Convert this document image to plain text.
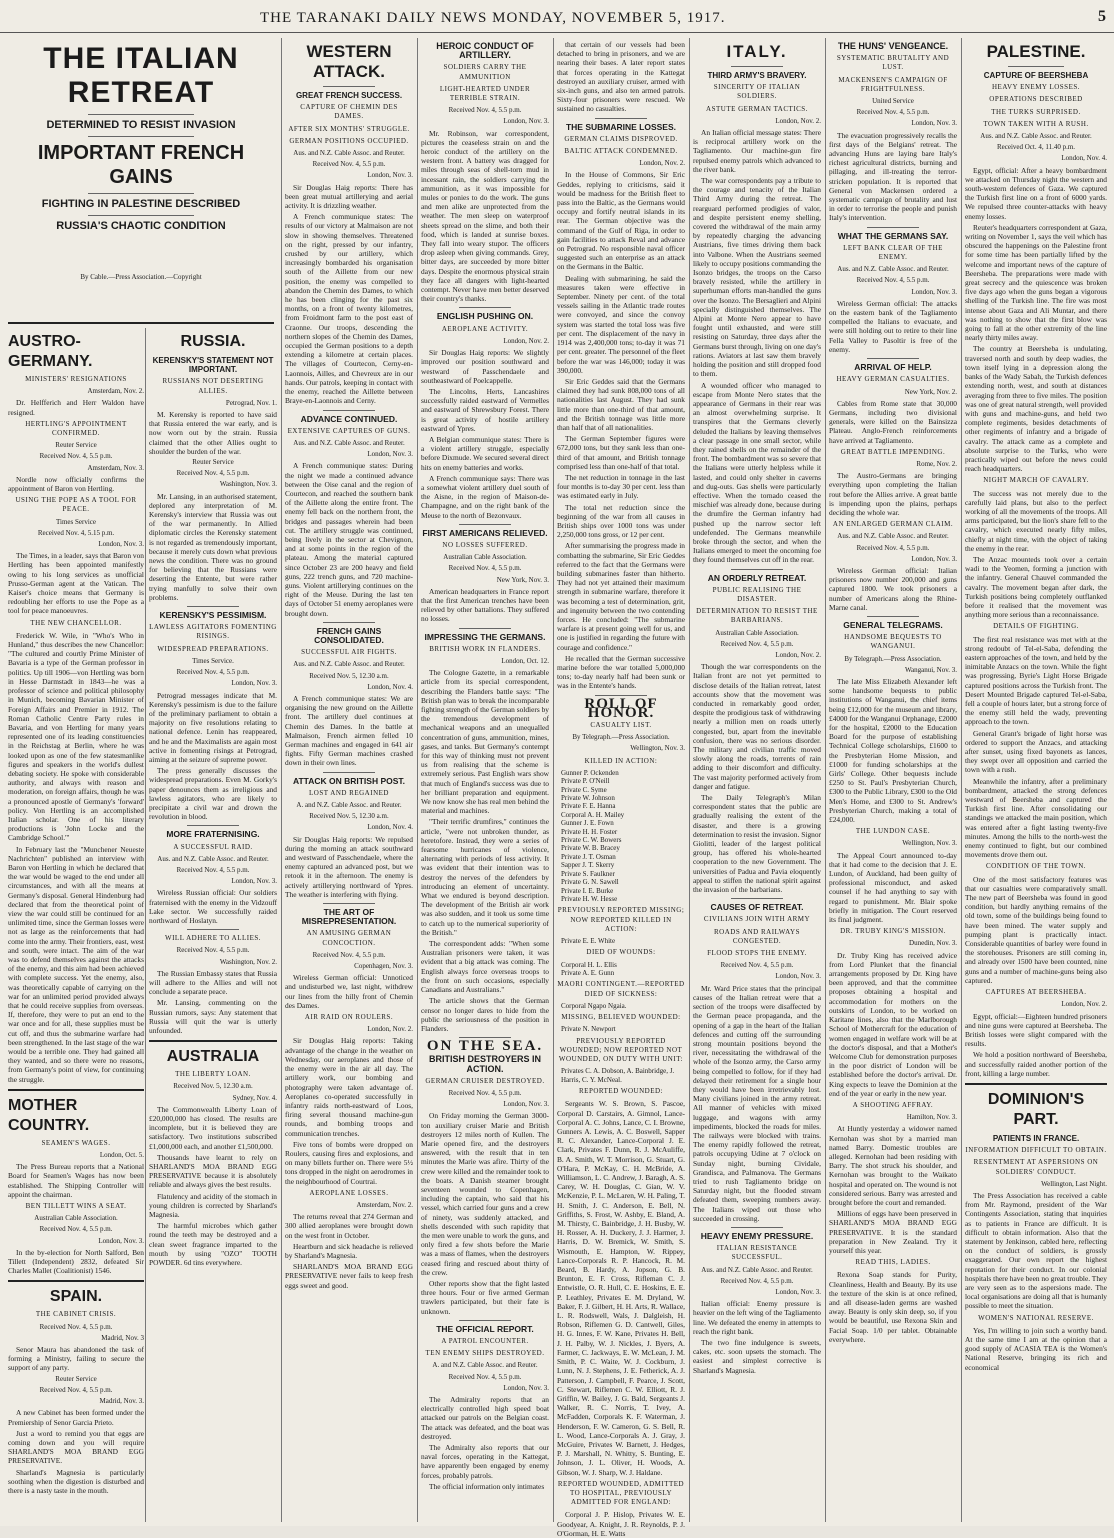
THE TARANAKI DAILY NEWS MONDAY, NOVEMBER 5, 1917.	5
THE ITALIAN RETREAT
DETERMINED TO RESIST INVASION
IMPORTANT FRENCH GAINS
FIGHTING IN PALESTINE DESCRIBED
RUSSIA'S CHAOTIC CONDITION
By Cable.—Press Association.—Copyright
AUSTRO-GERMANY.
MINISTERS' RESIGNATIONS
Amsterdam, Nov. 2.
Dr. Helfferich and Herr Waldon have resigned.
HERTLING'S APPOINTMENT CONFIRMED.
Reuter Service
Received Nov. 4, 5.5 p.m.
Amsterdam, Nov. 3.
Nordle now officially confirms the appointment of Baron von Hertling.
USING THE POPE AS A TOOL FOR PEACE.
Times Service
Received Nov. 4, 5.15 p.m.
London, Nov. 3.
The Times, in a leader, says that Baron von Hertling has been appointed manifestly owing to his long services as unofficial Prusso-German agent at the Vatican. The Kaiser's choice means that Germany is redoubling her efforts to use the Pope as a tool for peace manoeuvres.
THE NEW CHANCELLOR.
Frederick W. Wile, in "Who's Who in Hunland," thus describes the new Chancellor: "The cultured and courtly Prime Minister of Bavaria is a type of the German professor in politics. Up till 1906—von Hertling was born in Hesse Darmstadt in 1843—he was a professor of science and political philosophy in Munich, becoming Bavarian Minister of Foreign Affairs and Premier in 1912. The Roman Catholic Centre Party rules in Bavaria, and von Hertling for many years represented one of its leading constituencies in the Reichstag at Berlin, where he was looked upon as one of the few statesmanlike figures and speakers in the world's dullest debating society. He spoke with considerable authority, and always with reason and moderation, on foreign affairs, though he was a pronounced apostle of Germany's 'forward' policy. Von Hertling is an accomplished Italian scholar. One of his literary productions is 'John Locke and the Cambridge School.'"
In February last the "Munchener Neueste Nachrichten" published an interview with Baron von Hertling in which he declared that the war would be waged to the end under all circumstances, and with all the means at Germany's disposal. General Hindenburg had declared that from the theoretical point of view the war could still be continued for an unlimited time, since the German losses were not as large as the reinforcements that had come into the army. Their frontiers, east, west and south, were intact. The aim of the war was to defend themselves against the attacks of the enemy, and this aim had been achieved with complete success. Yet the enemy, also, was theoretically capable of carrying on the war for an unlimited period provided always that he could receive supplies from overseas. If, therefore, they were to put an end to the war once and for all, these supplies must be cut off, and thus the submarine warfare had been strengthened. In the last stage of the war would be a terrible one. They had gained all they wanted, and so there were no reasons, from Germany's point of view, for continuing the struggle.
MOTHER COUNTRY.
SEAMEN'S WAGES.
London, Oct. 5.
The Press Bureau reports that a National Board for Seamen's Wages has now been established. The Shipping Controller will appoint the chairman.
BEN TILLETT WINS A SEAT.
Australian Cable Association.
Received Nov. 4, 5.5 p.m.
London, Nov. 3.
In the by-election for North Salford, Ben Tillett (Independent) 2832, defeated Sir Charles Mallet (Coalitionist) 1546.
SPAIN.
THE CABINET CRISIS.
Received Nov. 4, 5.5 p.m.
Madrid, Nov. 3
Senor Maura has abandoned the task of forming a Ministry, failing to secure the support of any party.
Reuter Service
Received Nov. 4, 5.5 p.m.
Madrid, Nov. 3.
A new Cabinet has been formed under the Premiership of Senor Garcia Prieto.
Just a word to remind you that eggs are coming down and you will require SHARLAND'S MOA BRAND EGG PRESERVATIVE.
Sharland's Magnesia is particularly soothing when the digestion is disturbed and there is a nasty taste in the mouth.
RUSSIA.
KERENSKY'S STATEMENT NOT IMPORTANT.
RUSSIANS NOT DESERTING ALLIES.
Petrograd, Nov. 1.
M. Kerensky is reported to have said that Russia entered the war early, and is now worn out by the strain. Russia claimed that the other Allies ought to shoulder the burden of the war.
Reuter Service
Received Nov. 4, 5.5 p.m.
Washington, Nov. 3.
Mr. Lansing, in an authorised statement, deplored any interpretation of M. Kerensky's interview that Russia was out of the war permanently. In Allied diplomatic circles the Kerensky statement is not regarded as tremendously important, because it merely cuts down what previous news the condition. There was no ground for believing that the Russians were deserting the Entente, but were rather trying manfully to solve their own problems.
KERENSKY'S PESSIMISM.
LAWLESS AGITATORS FOMENTING RISINGS.
WIDESPREAD PREPARATIONS.
Times Service.
Received Nov. 4, 5.5 p.m.
London, Nov. 3.
Petrograd messages indicate that M. Kerensky's pessimism is due to the failure of the preliminary parliament to obtain a majority on five resolutions relating to national defence. Lenin has reappeared, and he and the Maximalists are again most active in fomenting risings at Petrograd, aiming at the seizure of supreme power.
The press generally discusses the widespread preparations. Even M. Gorky's paper denounces them as irreligious and lawless agitators, who are likely to precipitate a civil war and drown the revolution in blood.
MORE FRATERNISING.
A SUCCESSFUL RAID.
Aus. and N.Z. Cable Assoc. and Reuter.
Received Nov. 4, 5.5 p.m.
London, Nov. 3.
Wireless Russian official: Our soldiers fraternised with the enemy in the Vidzouff Lake sector. We successfully raided northward of Hoslatyn.
WILL ADHERE TO ALLIES.
Received Nov. 4, 5.5 p.m.
Washington, Nov. 2.
The Russian Embassy states that Russia will adhere to the Allies and will not conclude a separate peace.
Mr. Lansing, commenting on the Russian rumors, says: Any statement that Russia will quit the war is utterly unfounded.
AUSTRALIA
THE LIBERTY LOAN.
Received Nov. 5, 12.30 a.m.
Sydney, Nov. 4.
The Commonwealth Liberty Loan of £20,000,000 has closed. The results are incomplete, but it is believed they are satisfactory. Two institutions subscribed £1,000,000 each, and another £1,500,000.
Thousands have learnt to rely on SHARLAND'S MOA BRAND EGG PRESERVATIVE because it is absolutely reliable and always gives the best results.
Flatulency and acidity of the stomach in young children is corrected by Sharland's Magnesia.
The harmful microbes which gather round the teeth may be destroyed and a clean sweet fragrance imparted to the mouth by using "OZO" TOOTH POWDER. 6d tins everywhere.
WESTERN ATTACK.
GREAT FRENCH SUCCESS.
CAPTURE OF CHEMIN DES DAMES.
AFTER SIX MONTHS' STRUGGLE.
GERMAN POSITIONS OCCUPIED.
Aus. and N.Z. Cable Assoc. and Reuter.
Received Nov. 4, 5.5 p.m.
London, Nov. 3.
Sir Douglas Haig reports: There has been great mutual artillerying and aerial activity. It is drizzling weather.
A French communique states: The results of our victory at Malmaison are not slow in showing themselves. Threatened on the right, pressed by our infantry, crushed by our artillery, which increasingly bombarded his organisation south of the Aillette from our new position, the enemy was compelled to abandon the Chemin des Dames, to which he has been clinging for the past six months, on a front of twenty kilometres, from Froidmont farm to the post east of Craonne. Our troops, descending the northern slopes of the Chemin des Dames, occupied the German positions to a depth extending a kilometre at certain places. The villages of Courtecon, Cerny-en-Laonnois, Ailles, and Chevreux are in our hands. Our patrols, keeping in contact with the enemy, reached the Aillette between Braye-en-Laonnois and Cerny.
ADVANCE CONTINUED.
EXTENSIVE CAPTURES OF GUNS.
Aus. and N.Z. Cable Assoc. and Reuter.
London, Nov. 3.
A French communique states: During the night we made a continued advance between the Oise canal and the region of Courtecon, and reached the southern bank of the Aillette along the entire front. The enemy fell back on the northern front, the bridges and passages wherein had been cut. The artillery struggle was continued, being lively in the sector at Chevignon, and at some points in the region of the plateau. Among the material captured since October 23 are 200 heavy and field guns, 222 trench guns, and 720 machine-guns. Violent artillerying continues on the right of the Meuse. During the last ten days of October 51 enemy aeroplanes were brought down.
FRENCH GAINS CONSOLIDATED.
SUCCESSFUL AIR FIGHTS.
Aus. and N.Z. Cable Assoc. and Reuter.
Received Nov. 5, 12.30 a.m.
London, Nov. 4.
A French communique states: We are organising the new ground on the Aillette front. The artillery duel continues at Chemin des Dames. In the battle at Malmaison, French airmen felled 10 German machines and engaged in 641 air fights. Fifty German machines crashed down in their own lines.
ATTACK ON BRITISH POST.
LOST AND REGAINED
A. and N.Z. Cable Assoc. and Reuter.
Received Nov. 5, 12.30 a.m.
London, Nov. 4.
Sir Douglas Haig reports: We repulsed during the morning an attack southward and westward of Passchendaele, where the enemy captured an advanced post, but we retook it in the afternoon. The enemy is actively artillerying northward of Ypres. The weather is interfering with flying.
THE ART OF MISREPRESENTATION.
AN AMUSING GERMAN CONCOCTION.
Received Nov. 4, 5.5 p.m.
Copenhagen, Nov. 3.
Wireless German official: Unnoticed and undisturbed we, last night, withdrew our lines from the hilly front of Chemin des Dames.
AIR RAID ON ROULERS.
London, Nov. 2.
Sir Douglas Haig reports: Taking advantage of the change in the weather on Wednesday, our aeroplanes and those of the enemy were in the air all day. The artillery work, our bombing and photography were taken advantage of. Aeroplanes co-operated successfully in infantry raids north-eastward of Loos, firing several thousand machine-gun rounds, and bombing troops and communication trenches.
Five tons of bombs were dropped on Roulers, causing fires and explosions, and on many billets further on. There were 5½ tons dropped in the night on aerodromes in the neighbourhood of Courtrai.
AEROPLANE LOSSES.
Amsterdam, Nov. 2.
The returns reveal that 274 German and 300 allied aeroplanes were brought down on the west front in October.
Heartburn and sick headache is relieved by Sharland's Magnesia.
SHARLAND'S MOA BRAND EGG PRESERVATIVE never fails to keep fresh eggs sweet and good.
HEROIC CONDUCT OF ARTILLERY.
SOLDIERS CARRY THE AMMUNITION
LIGHT-HEARTED UNDER TERRIBLE STRAIN.
Received Nov. 4, 5.5 p.m.
London, Nov. 3.
Mr. Robinson, war correspondent, pictures the ceaseless strain on and the heroic conduct of the artillery on the western front. A battery was dragged for miles through seas of shell-torn mud in incessant rain, the soldiers carrying the ammunition, as it was impossible for mules or ponies to do the work. The guns and men alike are unprotected from the weather. The men sleep on waterproof sheets spread on the slime, and both their food, which is landed at sunrise boxes. They fall into weary stupor. The officers drop asleep when giving commands. Grey, bitter days, are succeeded by more bitter days. Despite the enormous physical strain they face all dangers with light-hearted contempt. Never have men better deserved their country's thanks.
ENGLISH PUSHING ON.
AEROPLANE ACTIVITY.
London, Nov. 2.
Sir Douglas Haig reports: We slightly improved our position southward and westward of Passchendaele and southeastward of Poelcappelle.
The Lincolns, Herts, Lancashires successfully raided eastward of Vermelles and eastward of Shrewsbury Forest. There is great activity of hostile artillery eastward of Ypres.
A Belgian communique states: There is a violent artillery struggle, especially before Dixmude. We secured several direct hits on enemy batteries and works.
A French communique says: There was a somewhat violent artillery duel south of the Aisne, in the region of Maison-de-Champagne, and on the right bank of the Meuse to the north of Bezonvaux.
FIRST AMERICANS RELIEVED.
NO LOSSES SUFFERED.
Australian Cable Association.
Received Nov. 4, 5.5 p.m.
New York, Nov. 3.
American headquarters in France report that the first American trenches have been relieved by other battalions. They suffered no losses.
IMPRESSING THE GERMANS.
BRITISH WORK IN FLANDERS.
London, Oct. 12.
The Cologne Gazette, in a remarkable article from its special correspondent, describing the Flanders battle says: "The British plan was to break the incomparable fighting strength of the German soldiers by the tremendous development of mechanical weapons and an unequalled concentration of guns, ammunition, mines, gases, and tanks. But Germany's contempt for this way of thinking must not prevent us from realising that the scheme is extremely serious. Past English wars show that much of England's success was due to her brilliant preparation and equipment. We now know she has real men behind the material and machines.
"Their terrific drumfires," continues the article, "were not unbroken thunder, as heretofore. Instead, they were a series of fearsome hurricanes of violence, alternating with periods of less activity. It was evident that their intention was to destroy the nerves of the defenders by introducing an element of uncertainty. What we endured is beyond description. The development of the British air work was also sudden, and it took us some time to catch up to the numerical superiority of the British."
The correspondent adds: "When some Australian prisoners were taken, it was evident that a big attack was coming. The English always force overseas troops to the front on such occasions, especially Canadians and Australians."
The article shows that the German censor no longer dares to hide from the public the seriousness of the position in Flanders.
ON THE SEA.
BRITISH DESTROYERS IN ACTION.
GERMAN CRUISER DESTROYED.
Received Nov. 4, 5.5 p.m.
London, Nov. 3.
On Friday morning the German 3000-ton auxiliary cruiser Marie and British destroyers 12 miles north of Kullen. The Marie opened fire, and the destroyers answered, with the result that in ten minutes the Marie was afire. Thirty of the crew were killed and the remainder took to the boats. A Danish steamer brought seventeen wounded to Copenhagen, including the captain, who said that his vessel, which carried four guns and a crew of ninety, was suddenly attacked, and shells descended with such rapidity that the men were unable to work the guns, and only fired a few shots before the Marie was a mass of flames, when the destroyers ceased firing and rescued about thirty of the crew.
Other reports show that the fight lasted three hours. Four or five armed German trawlers participated, but their fate is unknown.
THE OFFICIAL REPORT.
A PATROL ENCOUNTER.
TEN ENEMY SHIPS DESTROYED.
A. and N.Z. Cable Assoc. and Reuter.
Received Nov. 4, 5.5 p.m.
London, Nov. 3.
The Admiralty reports that an electrically controlled high speed boat attacked our patrols on the Belgian coast. The attack was defeated, and the boat was destroyed.
The Admiralty also reports that our naval forces, operating in the Kattegat, have apparently been engaged by enemy forces, probably patrols.
The official information only intimates
that certain of our vessels had been detached to bring in prisoners, and we are nearing their bases. A later report states that forces operating in the Kattegat destroyed an auxiliary cruiser, armed with six-inch guns, and also ten armed patrols. Sixty-four prisoners were rescued. We sustained no casualties.
THE SUBMARINE LOSSES.
GERMAN CLAIMS DISPROVED.
BALTIC ATTACK CONDEMNED.
London, Nov. 2.
In the House of Commons, Sir Eric Geddes, replying to criticisms, said it would be madness for the British fleet to pass into the Baltic, as the Germans would occupy and fortify neutral islands in its rear. The German objective was the command of the Gulf of Riga, in order to gain facilities to attack Reval and advance on Petrograd. No responsible naval officer suggested such an enterprise as an attack on the Germans in the Baltic.
Dealing with submarining, he said the measures taken were effective in September. Ninety per cent. of the total vessels sailing in the Atlantic trade routes were convoyed, and since the convoy system was started the total loss was five per cent. The displacement of the navy in 1914 was 2,400,000 tons; to-day it was 71 per cent. greater. The personnel of the fleet before the war was 146,000; today it was 390,000.
Sir Eric Geddes said that the Germans claimed they had sunk 808,000 tons of all nationalities last August. They had sunk little more than one-third of that amount, and the British tonnage was little more than half that of all nationalities.
The German September figures were 672,000 tons, but they sank less than one-third of that amount, and British tonnage comprised less than one-half of that total.
The net reduction in tonnage in the last four months is to-day 30 per cent. less than was estimated early in July.
The total net reduction since the beginning of the war from all causes in British ships over 1000 tons was under 2,250,000 tons gross, or 12 per cent.
After summarising the progress made in combatting the submarine, Sir Eric Geddes referred to the fact that the Germans were building submarines faster than hitherto. They had not yet attained their maximum strength in submarine warfare, therefore it was becoming a test of determination, grit, and ingenuity between the two contending forces. He concluded: "The submarine warfare is at present going well for us, and one is justified in regarding the future with courage and confidence."
He recalled that the German successive marine before the war totalled 5,000,000 tons; to-day nearly half had been sunk or was in the Entente's hands.
ROLL OF HONOR.
CASUALTY LIST.
By Telegraph.—Press Association.
Wellington, Nov. 3.
KILLED IN ACTION:
Gunner P. Ockenden
Private P. O'Neill
Private C. Syme
Private W. Johnson
Private F. E. Hanna
Corporal A. H. Mailey
Gunner J. E. Fown
Private H. H. Foster
Private C. W. Bowers
Private W. B. Bracey
Private J. T. Osman
Sapper J. T. Skerry
Private S. Faulkner
Private G. N. Sawell
Private I. E. Burke
Private H. W. Hesse
PREVIOUSLY REPORTED MISSING; NOW REPORTED KILLED IN ACTION:
Private E. E. White
DIED OF WOUNDS:
Corporal H. L. Ellis
Private A. E. Gunn
MAORI CONTINGENT.—REPORTED DIED OF SICKNESS:
Corporal Ngapo Ngaia.
MISSING, BELIEVED WOUNDED:
Private N. Newport
PREVIOUSLY REPORTED WOUNDED; NOW REPORTED NOT WOUNDED, ON DUTY WITH UNIT:
Privates C. A. Dobson, A. Bainbridge, J. Harris, C. Y. McNeal.
REPORTED WOUNDED:
Sergeants W. S. Brown, S. Pascoe, Corporal D. Carstairs, A. Gimnol, Lance-Corporal A. C. Johns, Lance, C. I. Browne, Gunners A. Lewis, A. C. Boswell, Sapper R. C. Alexander, Lance-Corporal J. E. Clark, Privates F. Dunn, R. J. McAuliffe, B. A. Smith, W. T. Morrison, G. Stuart, G. O'Hara, P. McKay, C. H. McBride, A. Williamson, L. C. Andrew, J. Baragh, A. S. Carey, W. H. Douglas, C. Gian, W. V. McKenzie, P. L. McLaren, W. H. Paling, T. H. Smith, J. C. Anderson, E. Bell, N. Griffiths, S. Frost, W. Ashby, E. Bland, A. M. Thirsty, C. Bainbridge, J. H. Busby, W. H. Rosser, A. H. Duckery, J. J. Harmer, J. Harris, D. W. Bremick, W. Smith, S. Wismouth, E. Hampton, W. Rippey, Lance-Corporals R. P. Hancock, R. M. Beard, B. Hardy, A. Jopson, G. B. Brunton, E. F. Cross, Rifleman C. J. Entwistle, O. R. Hull, C. E. Hoskins, E. E. P. Leathley, Privates E. M. Dryland, W. Baker, F. J. Gilbert, H. H. Arts, R. Wallace, L. R. Rodswell, Wals, J. Dalgleish, H. Robson, Riflemen G. D. Cantwell, Giles, H. G. Innes, F. W. Kane, Privates H. Bell, J. H. Palby, W. J. Nickles, J. Byers, A. Farmer, C. Jackways, E. W. McLean, J. M. Smith, P. C. Waite, W. J. Cockburn, J. Lunn, N. J. Stephens, J. E. Fetherick, A. J. Patterson, J. Campbell, F. Pearce, J. Scott, C. Stewart, Riflemen C. W. Elliott, R. J. Griffin, W. Bailey, J. G. Bald, Sergeants J. Walker, R. C. Norris, T. Ivey, A. McFadden, Corporals K. F. Waterman, J. Henderson, F. W. Cameron, G. S. Bell, R. L. Wood, Lance-Corporals A. J. Gray, J. McGuire, Privates W. Barnett, J. Hedges, P. J. Marshall, N. Whitty, S. Bunting, E. Johnson, J. L. Oliver, H. Woods, A. Gibson, W. J. Sharp, W. J. Haldane.
REPORTED WOUNDED, ADMITTED TO HOSPITAL, PREVIOUSLY ADMITTED FOR ENGLAND:
Corporal J. P. Hislop, Privates W. E. Goodyear, A. Knight, J. R. Reynolds, P. J. O'Gorman, H. E. Watts
ITALY.
THIRD ARMY'S BRAVERY.
SINCERITY OF ITALIAN SOLDIERS.
ASTUTE GERMAN TACTICS.
London, Nov. 2.
An Italian official message states: There is reciprocal artillery work on the Tagliamento. Our machine-gun fire repulsed enemy patrols which advanced to the river bank.
The war correspondents pay a tribute to the courage and tenacity of the Italian Third Army during the retreat. The rearguard performed prodigies of valor, and despite persistent enemy shelling, covered the withdrawal of the main army by repeatedly charging the advancing Austrians, five times driving them back into Valbone. When the Austrians seemed likely to occupy positions commanding the Isonzo bridges, the troops on the Carso bravely resisted, while the artillery in superhuman efforts man-handled the guns over the Isonzo. The Bersaglieri and Alpini specially distinguished themselves. The Alpini at Monte Nero appear to have fought until exhausted, and were still resisting on Saturday, three days after the Germans burst through, living on one day's rations. Aviators at last saw them bravely holding the position and still dropped food to them.
A wounded officer who managed to escape from Monte Nero states that the appearance of Germans in their rear was an almost overwhelming surprise. It transpires that the Germans cleverly deluded the Italians by leaving themselves a clear passage in one small sector, while they rained shells on the remainder of the front. The bombardment was so severe that the Italians were utterly helpless while it lasted, and could only shelter in caverns and dug-outs. Gas shells were particularly effective. When the tornado ceased the mischief was already done, because during the drumfire the German infantry had pushed up the narrow sector left undefended. The Germans meanwhile broke through the sector, and when the Italians emerged to meet the oncoming foe they found themselves cut off in the rear.
AN ORDERLY RETREAT.
PUBLIC REALISING THE DISASTER.
DETERMINATION TO RESIST THE BARBARIANS.
Australian Cable Association.
Received Nov. 4, 5.5 p.m.
London, Nov. 2.
Though the war correspondents on the Italian front are not yet permitted to disclose details of the Italian retreat, latest accounts show that the movement was conducted in remarkably good order, despite the prodigious task of withdrawing nearly a million men on roads utterly congested, but, apart from the inevitable confusion, there was no serious disorder. The military and civilian traffic moved slowly along the roads, torrents of rain adding to their discomfort and difficulty. The vast majority performed actively from danger and fatigue.
The Daily Telegraph's Milan correspondent states that the public are gradually realising the extent of the disaster, and there is a growing determination to resist the invasion. Signor Giolitti, leader of the largest political group, has offered his whole-hearted cooperation to the new Government. The universities of Padua and Pavia eloquently appeal to stiffen the national spirit against the invasion of the barbarians.
CAUSES OF RETREAT.
CIVILIANS JOIN WITH ARMY
ROADS AND RAILWAYS CONGESTED.
FLOOD STOPS THE ENEMY.
Received Nov. 4, 5.5 p.m.
London, Nov. 3.
Mr. Ward Price states that the principal causes of the Italian retreat were that a section of the troops were disaffected by the German peace propaganda, and the opening of a gap in the heart of the Italian defences and cutting off the surrounding strong mountain positions beyond the river, necessitating the withdrawal of the whole of the Isonzo army, the Carso army being compelled to follow, for if they had delayed their retirement for a single hour they would have been irretrievably lost. Many civilians joined in the army retreat. All manner of vehicles with mixed luggage, and wagons with army impediments, blocked the roads for miles. The railways were blocked with trains. The enemy rapidly followed the retreat, patrols occupying Udine at 7 o'clock on Sunday night, burning Cividale, Grandisca, and Palmanova. The Germans tried to rush Tagliamento bridge on Saturday night, but the flooded stream defeated them, sweeping numbers away. The Italians wiped out those who succeeded in crossing.
HEAVY ENEMY PRESSURE.
ITALIAN RESISTANCE SUCCESSFUL.
Aus. and N.Z. Cable Assoc. and Reuter.
Received Nov. 4, 5.5 p.m.
London, Nov. 3.
Italian official: Enemy pressure is heavier on the left wing of the Tagliamento line. We defeated the enemy in attempts to reach the right bank.
The two fine indulgence is sweets, cakes, etc. soon upsets the stomach. The easiest and simplest corrective is Sharland's Magnesia.
THE HUNS' VENGEANCE.
SYSTEMATIC BRUTALITY AND LUST.
MACKENSEN'S CAMPAIGN OF FRIGHTFULNESS.
United Service
Received Nov. 4, 5.5 p.m.
London, Nov. 3.
The evacuation progressively recalls the first days of the Belgians' retreat. The advancing Huns are laying bare Italy's richest agricultural districts, burning and pillaging, and ill-treating the terror-stricken population. It is reported that General von Mackensen ordered a systematic campaign of brutality and lust in order to terrorise the people and punish Italy's intervention.
WHAT THE GERMANS SAY.
LEFT BANK CLEAR OF THE ENEMY.
Aus. and N.Z. Cable Assoc. and Reuter.
Received Nov. 4, 5.5 p.m.
London, Nov. 3.
Wireless German official: The attacks on the eastern bank of the Tagliamento compelled the Italians to evacuate, and were still holding out to retire to their line Fella Valley to Pasoltir is free of the enemy.
ARRIVAL OF HELP.
HEAVY GERMAN CASUALTIES.
New York, Nov. 2.
Cables from Rome state that 30,000 Germans, including two divisional generals, were killed on the Bainsizza Plateau. Anglo-French reinforcements have arrived at Tagliamento.
GREAT BATTLE IMPENDING.
Rome, Nov. 2.
The Austro-Germans are bringing everything upon completing the Italian rout before the Allies arrive. A great battle is impending upon the plains, perhaps deciding the whole war.
AN ENLARGED GERMAN CLAIM.
Aus. and N.Z. Cable Assoc. and Reuter.
Received Nov. 4, 5.5 p.m.
London, Nov. 3.
Wireless German official: Italian prisoners now number 200,000 and guns captured 1800. We took prisoners a number of Americans along the Rhine-Marne canal.
GENERAL TELEGRAMS.
HANDSOME BEQUESTS TO WANGANUI.
By Telegraph.—Press Association.
Wanganui, Nov. 3.
The late Miss Elizabeth Alexander left some handsome bequests to public institutions of Wanganui, the chief items being £12,000 for the museum and library, £4000 for the Wanganui Orphanage, £2000 for the hospital, £2000 to the Education Board for the purpose of establishing Technical College scholarships, £1600 to the Presbyterian Home Mission, and £1000 for funding scholarships at the Girls' College. Other bequests include £250 to St. Paul's Presbyterian Church, £300 to the Public Library, £300 to the Old Men's Home, and £300 to St. Andrew's Presbyterian Church, making a total of £24,000.
THE LUNDON CASE.
Wellington, Nov. 3.
The Appeal Court announced to-day that it had come to the decision that J. E. Lundon, of Auckland, had been guilty of professional misconduct, and asked counsel if he had anything to say with regard to punishment. Mr. Blair spoke briefly in mitigation. The Court reserved its final judgment.
DR. TRUBY KING'S MISSION.
Dunedin, Nov. 3.
Dr. Truby King has received advice from Lord Plunket that the financial arrangements proposed by Dr. King have been approved, and that the committee proposes obtaining a hospital and accommodation for mothers on the outskirts of London, to be worked on Karitane lines, also that the Marlborough School of Mothercraft for the education of women engaged in welfare work will be at the doctor's disposal, and that a Mother's Welcome Club for demonstration purposes in the poor district of London will be established before the doctor's arrival. Dr. King expects to leave the Dominion at the end of the year or early in the new year.
A SHOOTING AFFRAY.
Hamilton, Nov. 3.
At Huntly yesterday a widower named Kernohan was shot by a married man named Barry. Domestic troubles are alleged. Kernohan had been residing with Barry. The shot struck his shoulder, and Kernohan was brought to the Waikato hospital and operated on. The wound is not considered serious. Barry was arrested and brought before the court and remanded.
Millions of eggs have been preserved in SHARLAND'S MOA BRAND EGG PRESERVATIVE. It is the standard preparation in New Zealand. Try it yourself this year.
READ THIS, LADIES.
Rexona Soap stands for Purity, Cleanliness, Health and Beauty. By its use the texture of the skin is at once refined, and all disease-laden germs are washed away. Beauty is only skin deep, so, if you would be beautiful, use Rexona Skin and Facial Soap. 1/0 per tablet. Obtainable everywhere.
PALESTINE.
CAPTURE OF BEERSHEBA
HEAVY ENEMY LOSSES.
OPERATIONS DESCRIBED
THE TURKS SURPRISED.
TOWN TAKEN WITH A RUSH.
Aus. and N.Z. Cable Assoc. and Reuter.
Received Oct. 4, 11.40 p.m.
London, Nov. 4.
Egypt, official: After a heavy bombardment we attacked on Thursday night the western and south-western defences of Gaza. We captured the Turkish first line on a front of 6000 yards. We repulsed three counter-attacks with heavy enemy losses.
Reuter's headquarters correspondent at Gaza, writing on November 1, says the veil which has obscured the happenings on the Palestine front for some time has been partially lifted by the welcome and important news of the capture of Beersheba. The preparations were made with great secrecy and the quiescence was broken five days ago when the guns began a vigorous shelling of the Turkish line. The fire was most intense about Gaza and Ali Muntar, and there was nothing to show that the first blow was going to fall at the other extremity of the line nearly thirty miles away.
The country at Beersheba is undulating, traversed north and south by deep wadies, the town itself lying in a depression along the banks of the Wady Sabah, the Turkish defences extending north, west, and south at distances averaging from three to five miles. The position was one of great natural strength, well provided with guns and machine-guns, and held two complete regiments, besides detachments of other regiments of infantry and a brigade of cavalry. The attack came as a complete and absolute surprise to the Turks, who were practically wiped out before the news could reach headquarters.
NIGHT MARCH OF CAVALRY.
The success was not merely due to the carefully laid plans, but also to the perfect working of all the movements of the troops. All arms participated, but the lion's share fell to the cavalry, which executed nearly fifty miles, chiefly at night time, with the object of taking the enemy in the rear.
The Anzac mounteds took over a certain wadi to the Yeomen, forming a junction with the infantry. General Chauvel commanded the cavalry. The movement began after dark, the Turkish positions being completely outflanked before it realised that the movement was anything more serious than a reconnaissance.
DETAILS OF FIGHTING.
The first real resistance was met with at the strong redoubt of Tel-el-Saba, defending the eastern approaches of the town, and held by the inimitable Anzacs on the town. While the fight was progressing, Byrie's Light Horse Brigade captured positions across the Turkish front. The Desert Mounted Brigade captured Tel-el-Saba, fell a couple of hours later, but a strong force of the enemy still held the wady, preventing approach to the town.
General Grant's brigade of light horse was ordered to support the Anzacs, and attacking after sunset, using fixed bayonets as lances, they swept over all opposition and carried the town with a rush.
Meanwhile the infantry, after a preliminary bombardment, attacked the strong defences westward of Beersheba and captured the Turkish first line. After consolidating our standings we attacked the main position, which was entered after a fight lasting twenty-five minutes. Among the hills to the north-west the enemy continued to fight, but our combined movements drove them out.
CONDITION OF THE TOWN.
One of the most satisfactory features was that our casualties were comparatively small. The new part of Beersheba was found in good condition, but hardly anything remains of the old town, some of the buildings being found to have been mined. The water supply and pumping plant is practically intact. Considerable quantities of barley were found in the storehouses. Prisoners are still coming in, and already over 1500 have been counted, nine guns and a number of machine-guns being also captured.
CAPTURES AT BEERSHEBA.
London, Nov. 2.
Egypt, official:—Eighteen hundred prisoners and nine guns were captured at Beersheba. The British losses were slight compared with the results.
We hold a position northward of Beersheba, and successfully raided another portion of the front, killing a large number.
DOMINION'S PART.
PATIENTS IN FRANCE.
INFORMATION DIFFICULT TO OBTAIN.
RESENTMENT AT ASPERSIONS ON SOLDIERS' CONDUCT.
Wellington, Last Night.
The Press Association has received a cable from Mr. Raymond, president of the War Contingents Association, stating that inquiries as to patients in France are difficult. It is difficult to obtain information. Also that the statement by Jenkinson, cabled here, reflecting on the conduct of soldiers, is grossly exaggerated. Our own report the highest reputation for their conduct. In our colonial hospitals there have been no great trouble. They are very seen as to the aspersions made. The local organisations are doing all that is humanly possible to meet the situation.
WOMEN'S NATIONAL RESERVE.
Yes, I'm willing to join such a worthy band. At the same time I am at the opinion that a good supply of ACASIA TEA is the Women's National Reserve, bringing its rich and economical
